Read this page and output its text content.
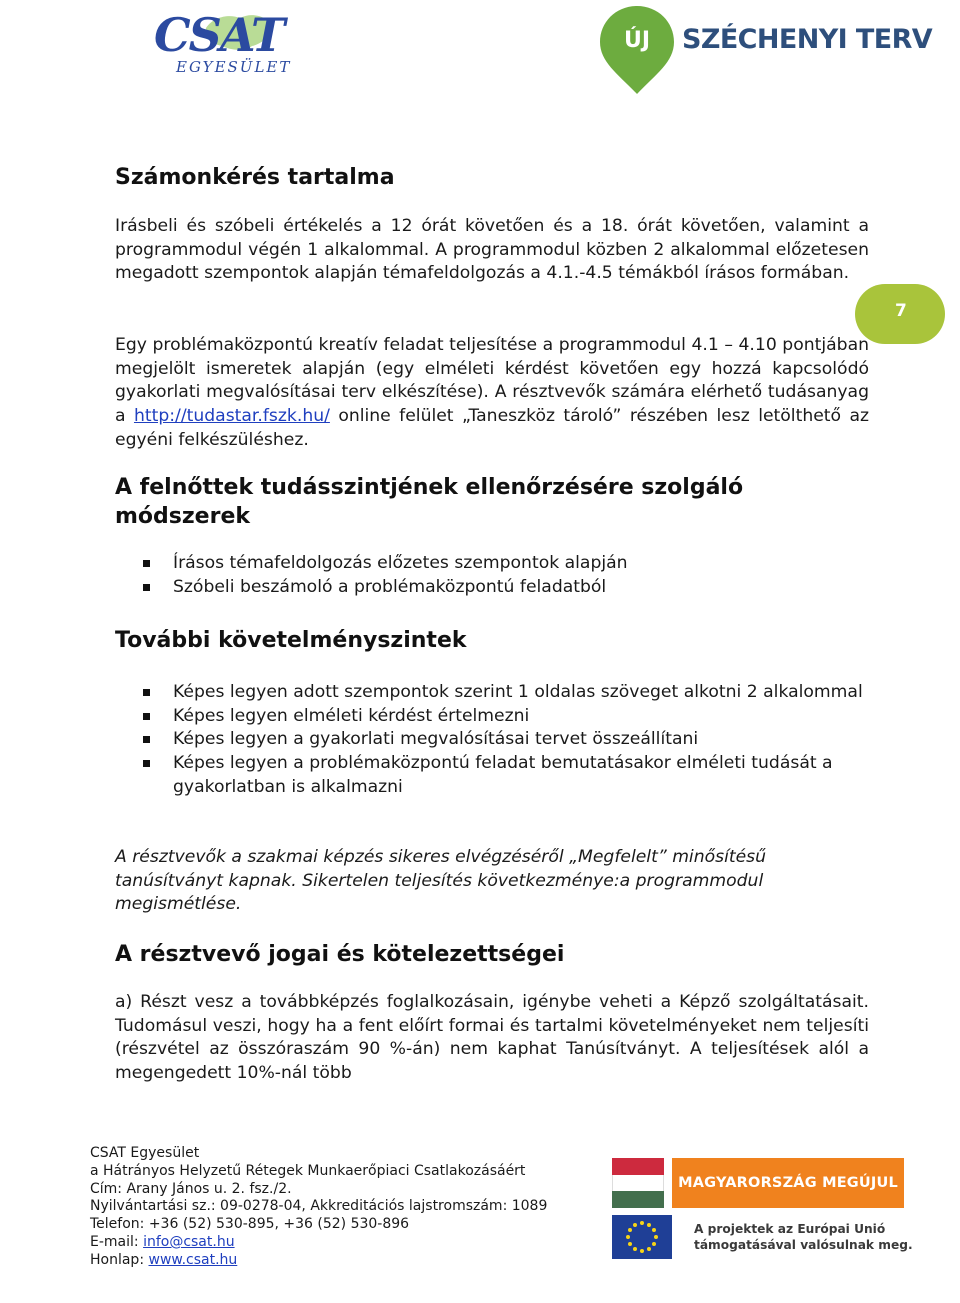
CSAT
EGYESÜLET
ÚJ	SZÉCHENYI TERV
7
Számonkérés tartalma
Irásbeli és szóbeli értékelés a 12 órát követően és a 18. órát követően, valamint a programmodul végén 1 alkalommal. A programmodul közben 2 alkalommal előzetesen megadott szempontok alapján témafeldolgozás a 4.1.-4.5 témákból írásos formában.
Egy problémaközpontú kreatív feladat teljesítése a programmodul 4.1 – 4.10 pontjában megjelölt ismeretek alapján (egy elméleti kérdést követően egy hozzá kapcsolódó gyakorlati megvalósításai terv elkészítése). A résztvevők számára elérhető tudásanyag a http://tudastar.fszk.hu/ online felület „Taneszköz tároló” részében lesz letölthető az egyéni felkészüléshez.
A felnőttek tudásszintjének ellenőrzésére szolgáló módszerek
Írásos témafeldolgozás előzetes szempontok alapján
Szóbeli beszámoló a problémaközpontú feladatból
További követelményszintek
Képes legyen adott szempontok szerint 1 oldalas szöveget alkotni 2 alkalommal
Képes legyen elméleti kérdést értelmezni
Képes legyen a gyakorlati megvalósításai tervet összeállítani
Képes legyen a problémaközpontú feladat bemutatásakor elméleti tudását a gyakorlatban is alkalmazni
A résztvevők a szakmai képzés sikeres elvégzéséről „Megfelelt” minősítésű tanúsítványt kapnak. Sikertelen teljesítés következménye:a programmodul megismétlése.
A résztvevő jogai és kötelezettségei
a) Részt vesz a továbbképzés foglalkozásain, igénybe veheti a Képző szolgáltatásait. Tudomásul veszi, hogy ha a fent előírt formai és tartalmi követelményeket nem teljesíti (részvétel az összóraszám 90 %-án) nem kaphat Tanúsítványt. A teljesítések alól a megengedett 10%-nál több
CSAT Egyesület
a Hátrányos Helyzetű Rétegek Munkaerőpiaci Csatlakozásáért
Cím: Arany János u. 2. fsz./2.
Nyilvántartási sz.: 09-0278-04, Akkreditációs lajstromszám: 1089
Telefon: +36 (52) 530-895, +36 (52) 530-896
E-mail: info@csat.hu
Honlap: www.csat.hu
MAGYARORSZÁG MEGÚJUL
A projektek az Európai Unió
támogatásával valósulnak meg.
